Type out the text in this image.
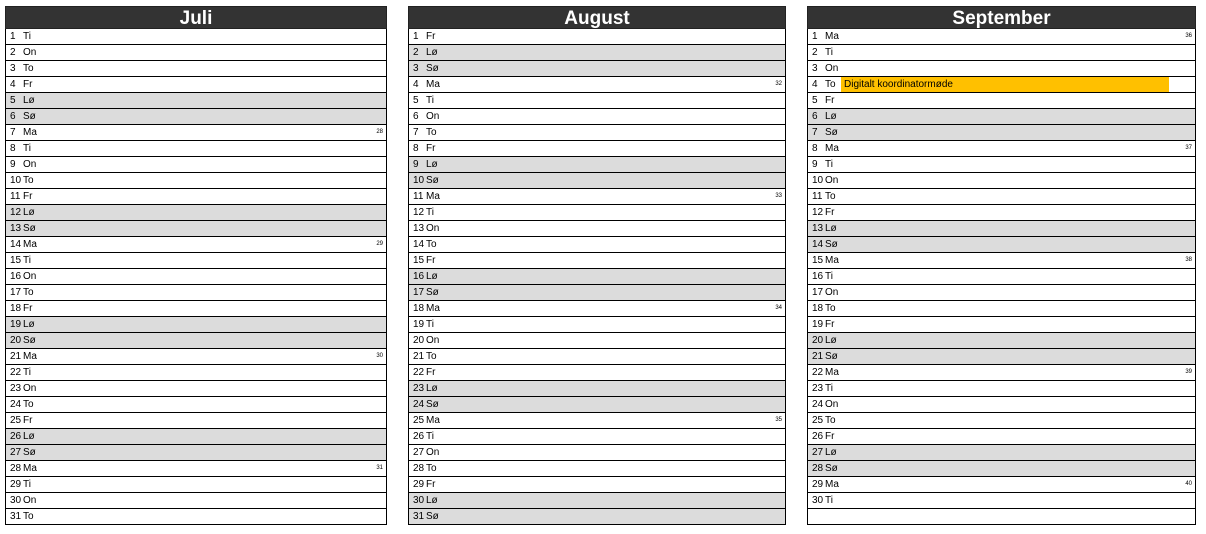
Juli
1 Ti
2 On
3 To
4 Fr
5 Lø
6 Sø
7 Ma	28
8 Ti
9 On
10 To
11 Fr
12 Lø
13 Sø
14 Ma	29
15 Ti
16 On
17 To
18 Fr
19 Lø
20 Sø
21 Ma	30
22 Ti
23 On
24 To
25 Fr
26 Lø
27 Sø
28 Ma	31
29 Ti
30 On
31 To
August
1 Fr
2 Lø
3 Sø
4 Ma	32
5 Ti
6 On
7 To
8 Fr
9 Lø
10 Sø
11 Ma	33
12 Ti
13 On
14 To
15 Fr
16 Lø
17 Sø
18 Ma	34
19 Ti
20 On
21 To
22 Fr
23 Lø
24 Sø
25 Ma	35
26 Ti
27 On
28 To
29 Fr
30 Lø
31 Sø
September
1 Ma	36
2 Ti
3 On
4 To Digitalt koordinatormøde
5 Fr
6 Lø
7 Sø
8 Ma	37
9 Ti
10 On
11 To
12 Fr
13 Lø
14 Sø
15 Ma	38
16 Ti
17 On
18 To
19 Fr
20 Lø
21 Sø
22 Ma	39
23 Ti
24 On
25 To
26 Fr
27 Lø
28 Sø
29 Ma	40
30 Ti
